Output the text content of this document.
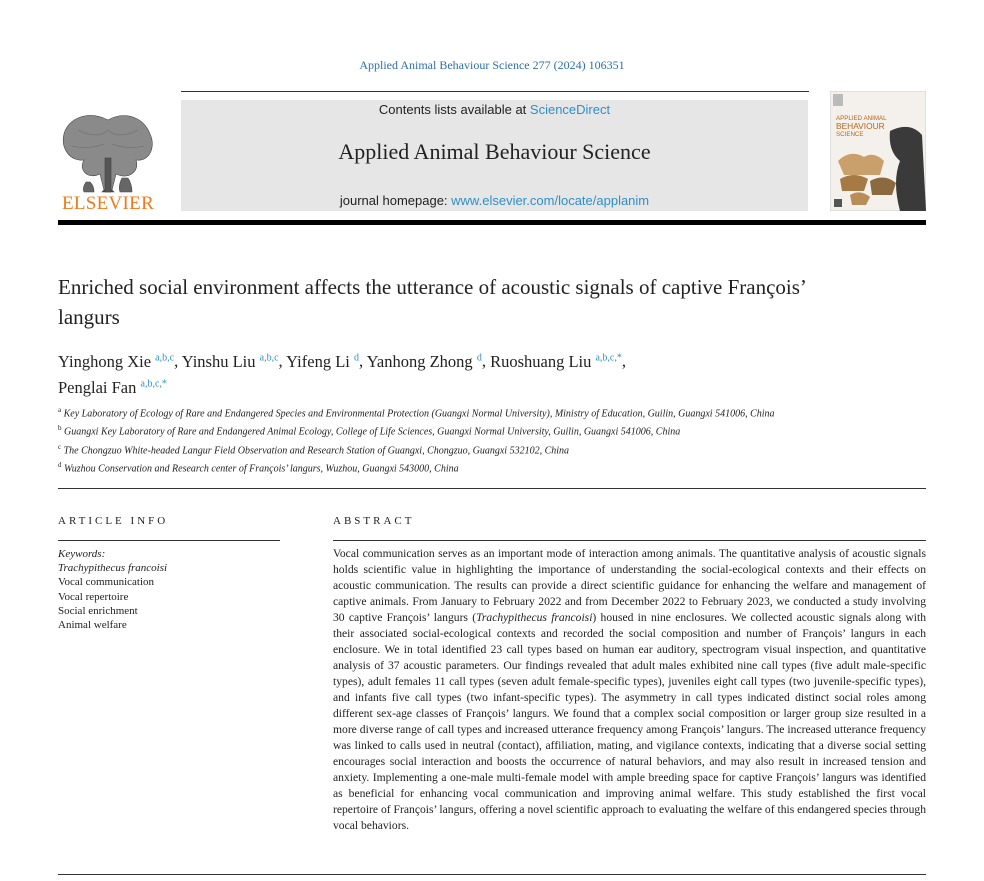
Applied Animal Behaviour Science 277 (2024) 106351
ELSEVIER
Contents lists available at ScienceDirect
Applied Animal Behaviour Science
journal homepage: www.elsevier.com/locate/applanim
APPLIED ANIMAL
BEHAVIOUR
SCIENCE
Enriched social environment affects the utterance of acoustic signals of captive François’ langurs
Yinghong Xie $^{a,b,c}$, Yinshu Liu $^{a,b,c}$, Yifeng Li $^d$, Yanhong Zhong $^d$, Ruoshuang Liu $^{a,b,c,*}$,
Penglai Fan $^{a,b,c,*}$
$^a$ Key Laboratory of Ecology of Rare and Endangered Species and Environmental Protection (Guangxi Normal University), Ministry of Education, Guilin, Guangxi 541006, China
$^b$ Guangxi Key Laboratory of Rare and Endangered Animal Ecology, College of Life Sciences, Guangxi Normal University, Guilin, Guangxi 541006, China
$^c$ The Chongzuo White-headed Langur Field Observation and Research Station of Guangxi, Chongzuo, Guangxi 532102, China
$^d$ Wuzhou Conservation and Research center of François’ langurs, Wuzhou, Guangxi 543000, China
ARTICLE INFO	ABSTRACT
Keywords:
Trachypithecus francoisi
Vocal communication
Vocal repertoire
Social enrichment
Animal welfare
Vocal communication serves as an important mode of interaction among animals. The quantitative analysis of acoustic signals holds scientific value in highlighting the importance of understanding the social-ecological contexts and their effects on acoustic communication. The results can provide a direct scientific guidance for enhancing the welfare and management of captive animals. From January to February 2022 and from December 2022 to February 2023, we conducted a study involving 30 captive François’ langurs (Trachypithecus francoisi) housed in nine enclosures. We collected acoustic signals along with their associated social-ecological contexts and recorded the social composition and number of François’ langurs in each enclosure. We in total identified 23 call types based on human ear auditory, spectrogram visual inspection, and quantitative analysis of 37 acoustic parameters. Our findings revealed that adult males exhibited nine call types (five adult male-specific types), adult females 11 call types (seven adult female-specific types), juveniles eight call types (two juvenile-specific types), and infants five call types (two infant-specific types). The asymmetry in call types indicated distinct social roles among different sex-age classes of François’ langurs. We found that a complex social composition or larger group size resulted in a more diverse range of call types and increased utterance frequency among François’ langurs. The increased utterance frequency was linked to calls used in neutral (contact), affiliation, mating, and vigilance contexts, indicating that a diverse social setting encourages social interaction and boosts the occurrence of natural behaviors, and may also result in increased tension and anxiety. Implementing a one-male multi-female model with ample breeding space for captive François’ langurs was identified as beneficial for enhancing vocal communication and improving animal welfare. This study established the first vocal repertoire of François’ langurs, offering a novel scientific approach to evaluating the welfare of this endangered species through vocal behaviors.
